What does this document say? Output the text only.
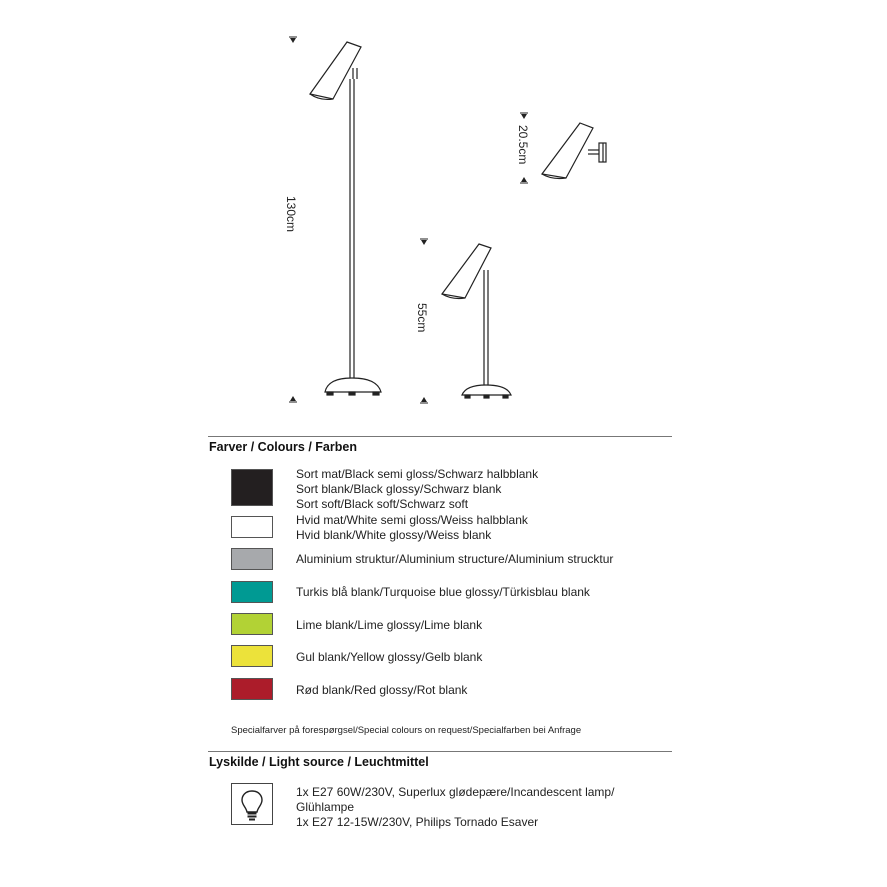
130cm
55cm
20.5cm
Farver / Colours / Farben
Sort mat/Black semi gloss/Schwarz halbblank
Sort blank/Black glossy/Schwarz blank
Sort soft/Black soft/Schwarz soft
Hvid mat/White semi gloss/Weiss halbblank
Hvid blank/White glossy/Weiss blank
Aluminium struktur/Aluminium structure/Aluminium strucktur
Turkis blå blank/Turquoise blue glossy/Türkisblau blank
Lime blank/Lime glossy/Lime blank
Gul blank/Yellow glossy/Gelb blank
Rød blank/Red glossy/Rot blank
Specialfarver på forespørgsel/Special colours on request/Specialfarben bei Anfrage
Lyskilde / Light source / Leuchtmittel
1x E27 60W/230V, Superlux glødepære/Incandescent lamp/
Glühlampe
1x E27 12-15W/230V, Philips Tornado Esaver
